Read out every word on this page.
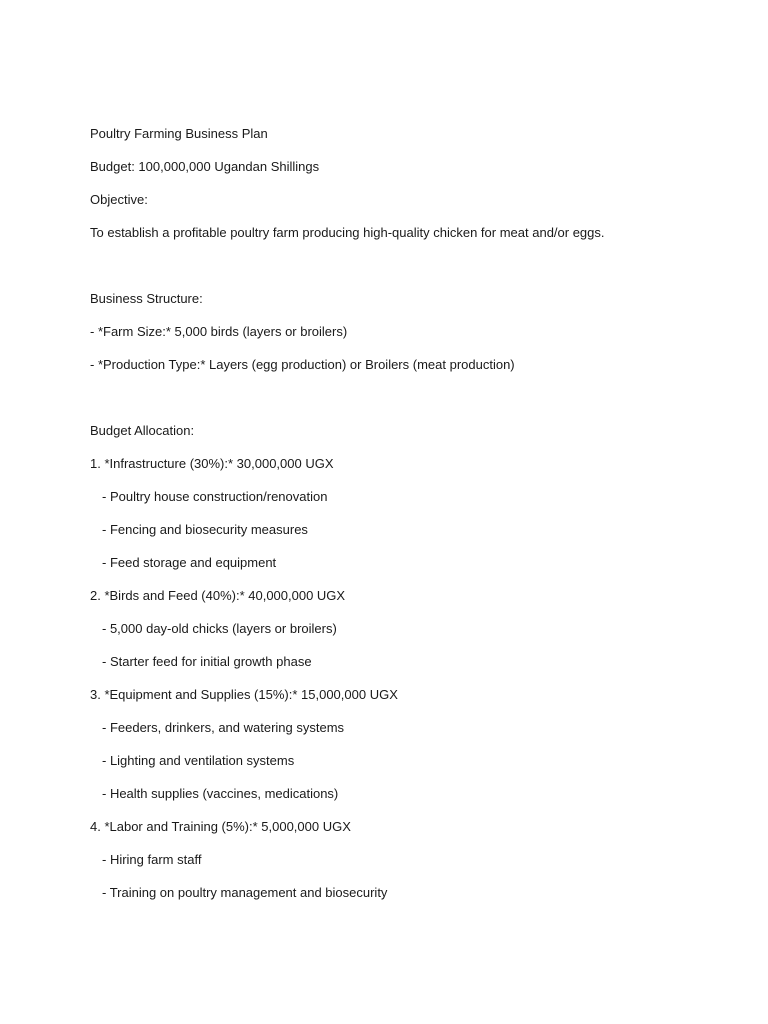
Poultry Farming Business Plan
Budget: 100,000,000 Ugandan Shillings
Objective:
To establish a profitable poultry farm producing high-quality chicken for meat and/or eggs.
Business Structure:
- *Farm Size:* 5,000 birds (layers or broilers)
- *Production Type:* Layers (egg production) or Broilers (meat production)
Budget Allocation:
1. *Infrastructure (30%):* 30,000,000 UGX
- Poultry house construction/renovation
- Fencing and biosecurity measures
- Feed storage and equipment
2. *Birds and Feed (40%):* 40,000,000 UGX
- 5,000 day-old chicks (layers or broilers)
- Starter feed for initial growth phase
3. *Equipment and Supplies (15%):* 15,000,000 UGX
- Feeders, drinkers, and watering systems
- Lighting and ventilation systems
- Health supplies (vaccines, medications)
4. *Labor and Training (5%):* 5,000,000 UGX
- Hiring farm staff
- Training on poultry management and biosecurity
